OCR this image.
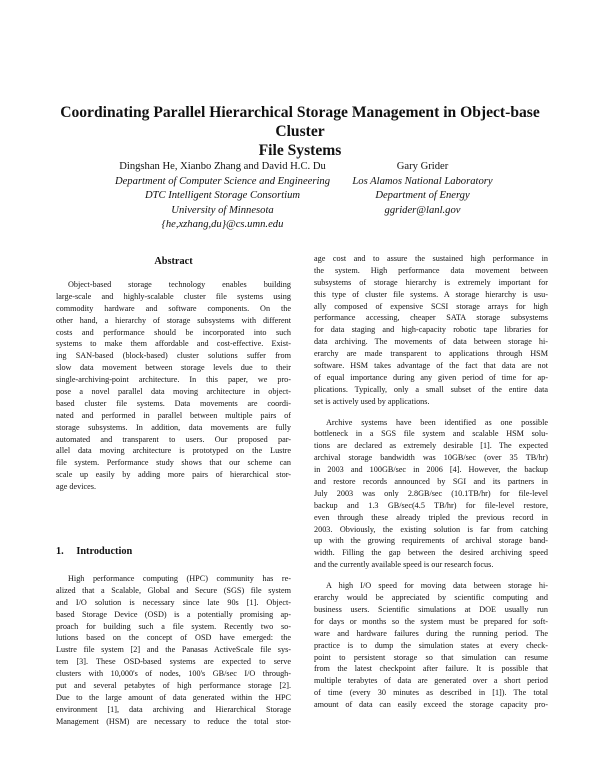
Coordinating Parallel Hierarchical Storage Management in Object-base Cluster
File Systems
Dingshan He, Xianbo Zhang and David H.C. Du
Department of Computer Science and Engineering
DTC Intelligent Storage Consortium
University of Minnesota
{he,xzhang,du}@cs.umn.edu
Gary Grider
Los Alamos National Laboratory
Department of Energy
ggrider@lanl.gov
Abstract
Object-based storage technology enables building
large-scale and highly-scalable cluster file systems using
commodity hardware and software components. On the
other hand, a hierarchy of storage subsystems with different
costs and performance should be incorporated into such
systems to make them affordable and cost-effective. Exist-
ing SAN-based (block-based) cluster solutions suffer from
slow data movement between storage levels due to their
single-archiving-point architecture. In this paper, we pro-
pose a novel parallel data moving architecture in object-
based cluster file systems. Data movements are coordi-
nated and performed in parallel between multiple pairs of
storage subsystems. In addition, data movements are fully
automated and transparent to users. Our proposed par-
allel data moving architecture is prototyped on the Lustre
file system. Performance study shows that our scheme can
scale up easily by adding more pairs of hierarchical stor-
age devices.
1. Introduction
High performance computing (HPC) community has re-
alized that a Scalable, Global and Secure (SGS) file system
and I/O solution is necessary since late 90s [1]. Object-
based Storage Device (OSD) is a potentially promising ap-
proach for building such a file system. Recently two so-
lutions based on the concept of OSD have emerged: the
Lustre file system [2] and the Panasas ActiveScale file sys-
tem [3]. These OSD-based systems are expected to serve
clusters with 10,000's of nodes, 100's GB/sec I/O through-
put and several petabytes of high performance storage [2].
Due to the large amount of data generated within the HPC
environment [1], data archiving and Hierarchical Storage
Management (HSM) are necessary to reduce the total stor-
age cost and to assure the sustained high performance in
the system. High performance data movement between
subsystems of storage hierarchy is extremely important for
this type of cluster file systems. A storage hierarchy is usu-
ally composed of expensive SCSI storage arrays for high
performance accessing, cheaper SATA storage subsystems
for data staging and high-capacity robotic tape libraries for
data archiving. The movements of data between storage hi-
erarchy are made transparent to applications through HSM
software. HSM takes advantage of the fact that data are not
of equal importance during any given period of time for ap-
plications. Typically, only a small subset of the entire data
set is actively used by applications.
Archive systems have been identified as one possible
bottleneck in a SGS file system and scalable HSM solu-
tions are declared as extremely desirable [1]. The expected
archival storage bandwidth was 10GB/sec (over 35 TB/hr)
in 2003 and 100GB/sec in 2006 [4]. However, the backup
and restore records announced by SGI and its partners in
July 2003 was only 2.8GB/sec (10.1TB/hr) for file-level
backup and 1.3 GB/sec(4.5 TB/hr) for file-level restore,
even through these already tripled the previous record in
2003. Obviously, the existing solution is far from catching
up with the growing requirements of archival storage band-
width. Filling the gap between the desired archiving speed
and the currently available speed is our research focus.
A high I/O speed for moving data between storage hi-
erarchy would be appreciated by scientific computing and
business users. Scientific simulations at DOE usually run
for days or months so the system must be prepared for soft-
ware and hardware failures during the running period. The
practice is to dump the simulation states at every check-
point to persistent storage so that simulation can resume
from the latest checkpoint after failure. It is possible that
multiple terabytes of data are generated over a short period
of time (every 30 minutes as described in [1]). The total
amount of data can easily exceed the storage capacity pro-
